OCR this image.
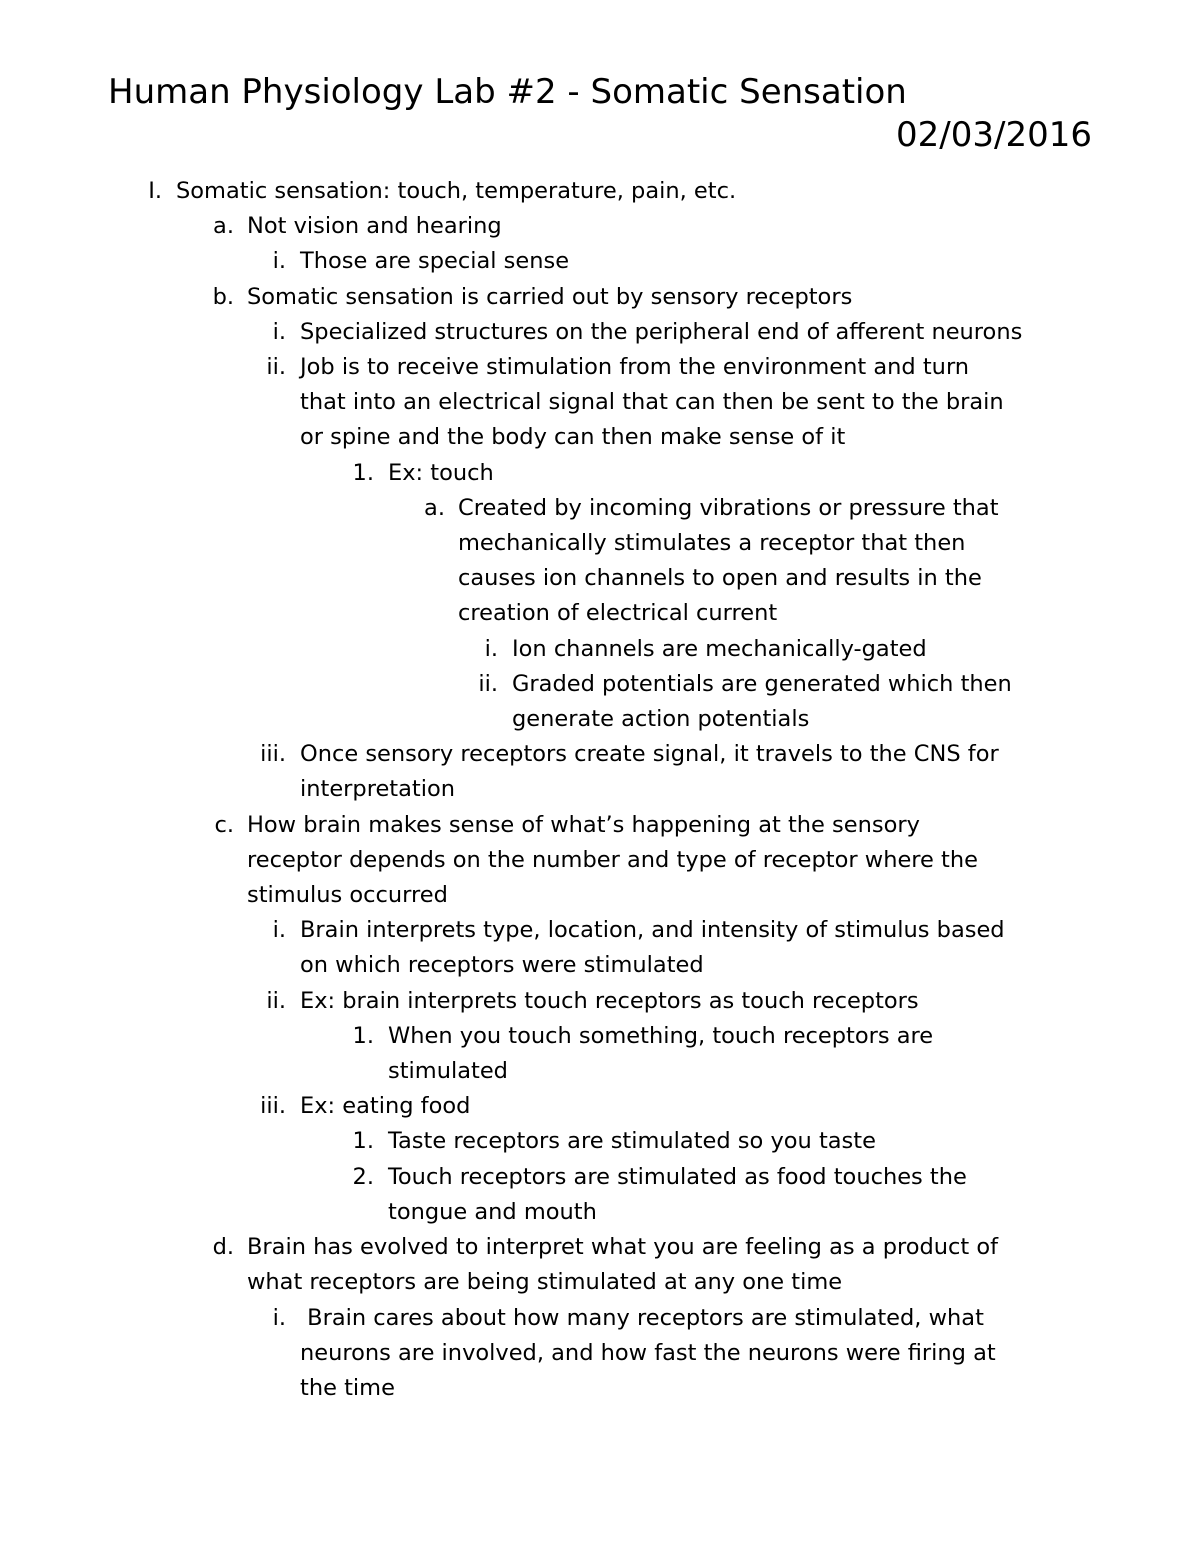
Human Physiology Lab #2 - Somatic Sensation
02/03/2016
I. Somatic sensation: touch, temperature, pain, etc.
a. Not vision and hearing
i. Those are special sense
b. Somatic sensation is carried out by sensory receptors
i. Specialized structures on the peripheral end of afferent neurons
ii. Job is to receive stimulation from the environment and turn
that into an electrical signal that can then be sent to the brain
or spine and the body can then make sense of it
1. Ex: touch
a. Created by incoming vibrations or pressure that
mechanically stimulates a receptor that then
causes ion channels to open and results in the
creation of electrical current
i. Ion channels are mechanically-gated
ii. Graded potentials are generated which then
generate action potentials
iii. Once sensory receptors create signal, it travels to the CNS for
interpretation
c. How brain makes sense of what’s happening at the sensory
receptor depends on the number and type of receptor where the
stimulus occurred
i. Brain interprets type, location, and intensity of stimulus based
on which receptors were stimulated
ii. Ex: brain interprets touch receptors as touch receptors
1. When you touch something, touch receptors are
stimulated
iii. Ex: eating food
1. Taste receptors are stimulated so you taste
2. Touch receptors are stimulated as food touches the
tongue and mouth
d. Brain has evolved to interpret what you are feeling as a product of
what receptors are being stimulated at any one time
i. Brain cares about how many receptors are stimulated, what
neurons are involved, and how fast the neurons were firing at
the time
